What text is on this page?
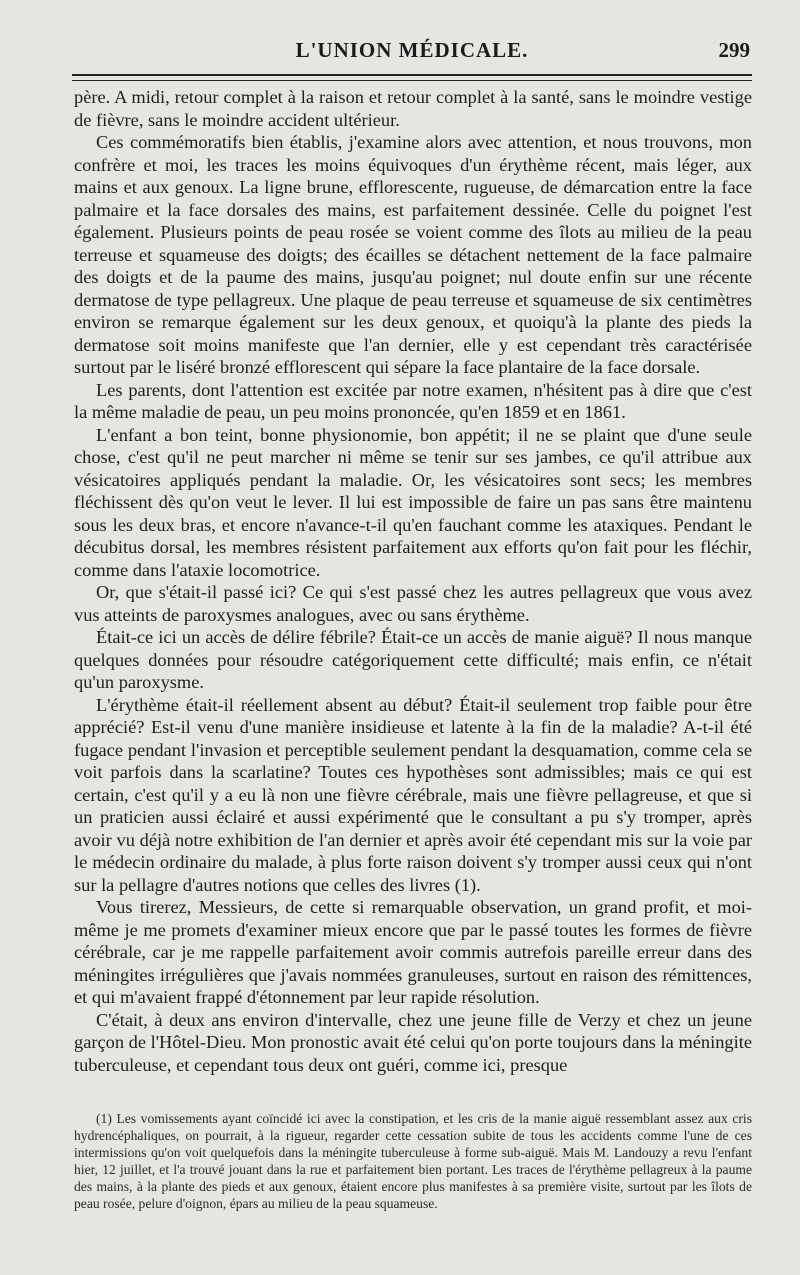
L'UNION MÉDICALE.	299

père. A midi, retour complet à la raison et retour complet à la santé, sans le moindre vestige de fièvre, sans le moindre accident ultérieur.

Ces commémoratifs bien établis, j'examine alors avec attention, et nous trouvons, mon confrère et moi, les traces les moins équivoques d'un érythème récent, mais léger, aux mains et aux genoux. La ligne brune, efflorescente, rugueuse, de démarcation entre la face palmaire et la face dorsales des mains, est parfaitement dessinée. Celle du poignet l'est également. Plusieurs points de peau rosée se voient comme des îlots au milieu de la peau terreuse et squameuse des doigts; des écailles se détachent nettement de la face palmaire des doigts et de la paume des mains, jusqu'au poignet; nul doute enfin sur une récente dermatose de type pellagreux. Une plaque de peau terreuse et squameuse de six centimètres environ se remarque également sur les deux genoux, et quoiqu'à la plante des pieds la dermatose soit moins manifeste que l'an dernier, elle y est cependant très caractérisée surtout par le liséré bronzé efflorescent qui sépare la face plantaire de la face dorsale.

Les parents, dont l'attention est excitée par notre examen, n'hésitent pas à dire que c'est la même maladie de peau, un peu moins prononcée, qu'en 1859 et en 1861.

L'enfant a bon teint, bonne physionomie, bon appétit; il ne se plaint que d'une seule chose, c'est qu'il ne peut marcher ni même se tenir sur ses jambes, ce qu'il attribue aux vésicatoires appliqués pendant la maladie. Or, les vésicatoires sont secs; les membres fléchissent dès qu'on veut le lever. Il lui est impossible de faire un pas sans être maintenu sous les deux bras, et encore n'avance-t-il qu'en fauchant comme les ataxiques. Pendant le décubitus dorsal, les membres résistent parfaitement aux efforts qu'on fait pour les fléchir, comme dans l'ataxie locomotrice.

Or, que s'était-il passé ici? Ce qui s'est passé chez les autres pellagreux que vous avez vus atteints de paroxysmes analogues, avec ou sans érythème.

Était-ce ici un accès de délire fébrile? Était-ce un accès de manie aiguë? Il nous manque quelques données pour résoudre catégoriquement cette difficulté; mais enfin, ce n'était qu'un paroxysme.

L'érythème était-il réellement absent au début? Était-il seulement trop faible pour être apprécié? Est-il venu d'une manière insidieuse et latente à la fin de la maladie? A-t-il été fugace pendant l'invasion et perceptible seulement pendant la desquamation, comme cela se voit parfois dans la scarlatine? Toutes ces hypothèses sont admissibles; mais ce qui est certain, c'est qu'il y a eu là non une fièvre cérébrale, mais une fièvre pellagreuse, et que si un praticien aussi éclairé et aussi expérimenté que le consultant a pu s'y tromper, après avoir vu déjà notre exhibition de l'an dernier et après avoir été cependant mis sur la voie par le médecin ordinaire du malade, à plus forte raison doivent s'y tromper aussi ceux qui n'ont sur la pellagre d'autres notions que celles des livres (1).

Vous tirerez, Messieurs, de cette si remarquable observation, un grand profit, et moi-même je me promets d'examiner mieux encore que par le passé toutes les formes de fièvre cérébrale, car je me rappelle parfaitement avoir commis autrefois pareille erreur dans des méningites irrégulières que j'avais nommées granuleuses, surtout en raison des rémittences, et qui m'avaient frappé d'étonnement par leur rapide résolution.

C'était, à deux ans environ d'intervalle, chez une jeune fille de Verzy et chez un jeune garçon de l'Hôtel-Dieu. Mon pronostic avait été celui qu'on porte toujours dans la méningite tuberculeuse, et cependant tous deux ont guéri, comme ici, presque

(1) Les vomissements ayant coïncidé ici avec la constipation, et les cris de la manie aiguë ressemblant assez aux cris hydrencéphaliques, on pourrait, à la rigueur, regarder cette cessation subite de tous les accidents comme l'une de ces intermissions qu'on voit quelquefois dans la méningite tuberculeuse à forme sub-aiguë. Mais M. Landouzy a revu l'enfant hier, 12 juillet, et l'a trouvé jouant dans la rue et parfaitement bien portant. Les traces de l'érythème pellagreux à la paume des mains, à la plante des pieds et aux genoux, étaient encore plus manifestes à sa première visite, surtout par les îlots de peau rosée, pelure d'oignon, épars au milieu de la peau squameuse.
